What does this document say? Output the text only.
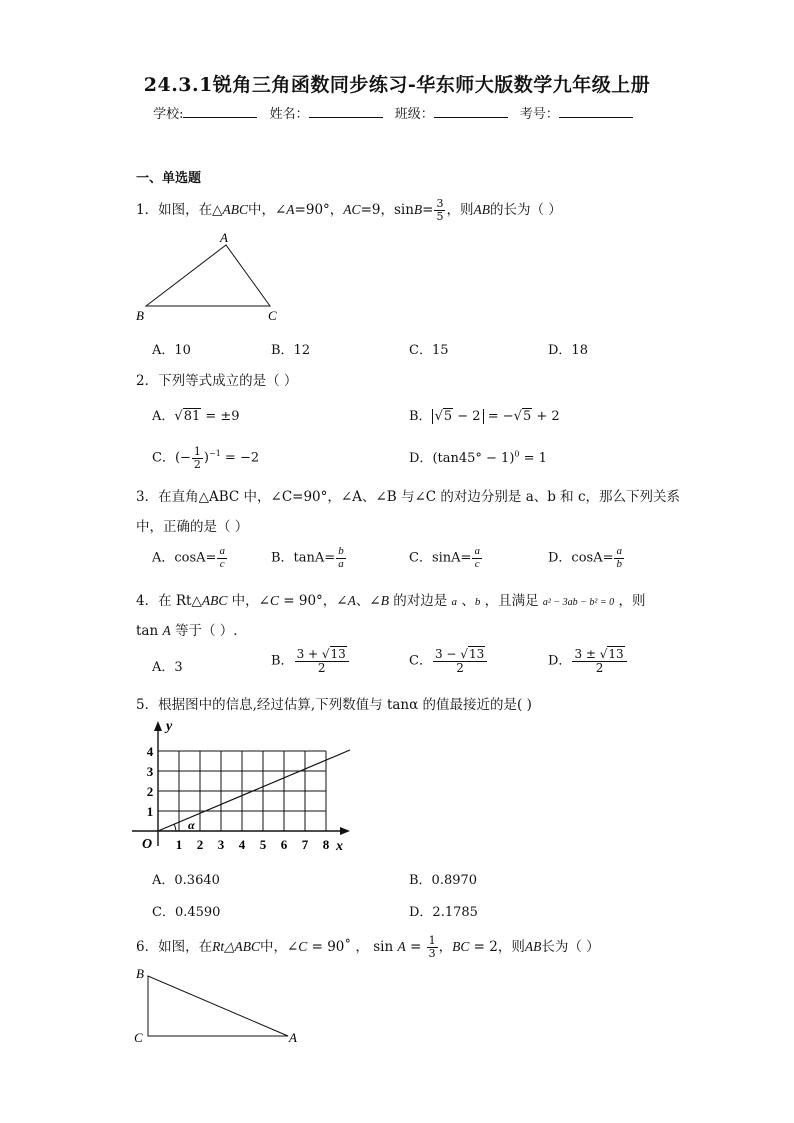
24.3.1锐角三角函数同步练习-华东师大版数学九年级上册
学校:	姓名：	班级：	考号：
一、单选题
1．如图，在△ABC中，∠A=90°，AC=9，$\sin B= \frac{3}{5}$ ，则AB的长为（ ）
A
B	C
A．10	B．12	C．15	D．18
2．下列等式成立的是（ ）
A．√81 = ±9	B． √5 − 2 = −√5 + 2
C．(− $\frac{1}{2} )^{-1} = -2$	D．$(\tan 45^\circ - 1)^0 = 1$
3．在直角△ABC 中，∠C=90°，∠A、∠B 与∠C 的对边分别是 a、b 和 c，那么下列关系
中，正确的是（ ）
A．$\cos A= \frac{a}{c}$	B．$\tan A= \frac{b}{a}$	C．$\sin A= \frac{a}{c}$	D．$\cos A= \frac{a}{b}$
4．在 Rt△ABC 中，∠C = 90°，∠A、∠B 的对边是 a 、b ，且满足 a² − 3ab − b² = 0 ，则
tan A 等于（ ）.
A．3	B． $\frac{3 + √13}{2}$	C． $\frac{3 - √13}{2}$	D． $\frac{3 \pm √13}{2}$
5．根据图中的信息,经过估算,下列数值与 tanα 的值最接近的是( )
α
y
x
O
1
2
3
4
1 2 3 4 5 6 7 8
A．0.3640	B．0.8970
C．0.4590	D．2.1785
6．如图，在Rt△ABC中，∠C = 90˚ ， $\sin A = \frac{1}{3}$ ，BC = 2，则AB长为（ ）
B
C	A
